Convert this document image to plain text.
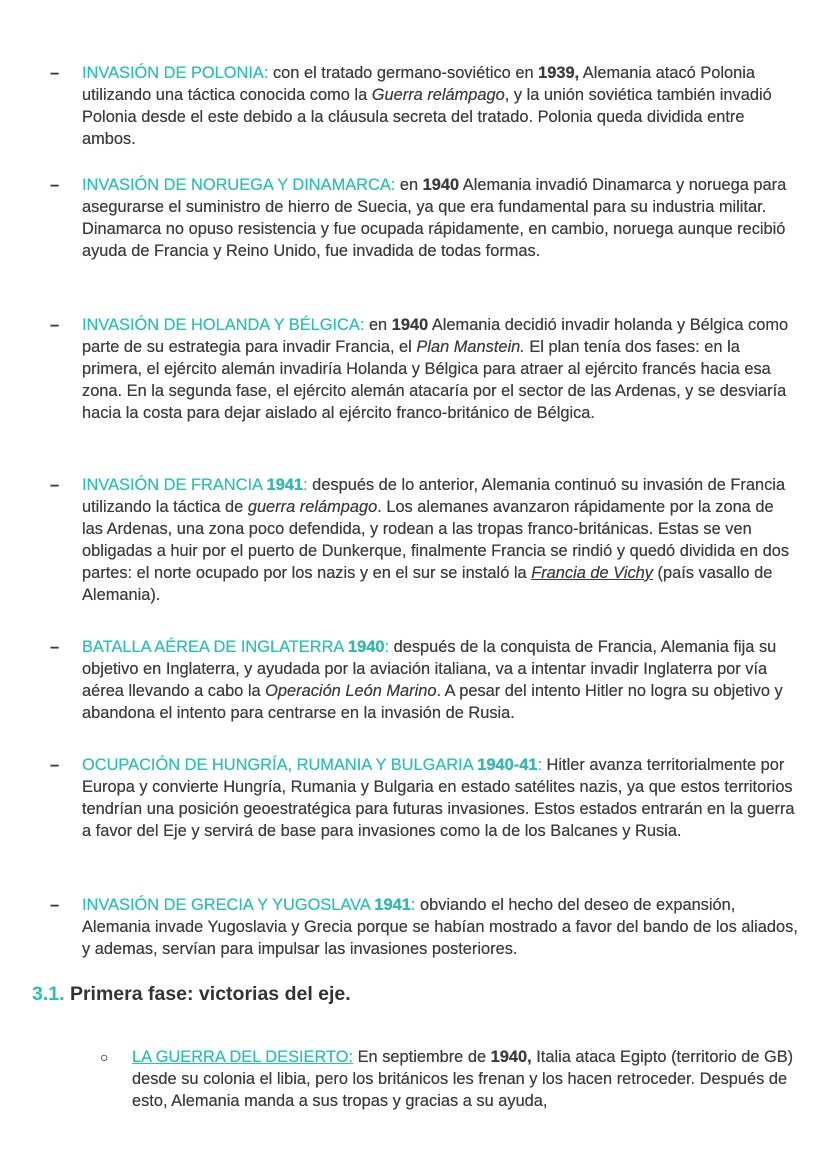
– INVASIÓN DE POLONIA: con el tratado germano-soviético en 1939, Alemania atacó Polonia utilizando una táctica conocida como la Guerra relámpago, y la unión soviética también invadió Polonia desde el este debido a la cláusula secreta del tratado. Polonia queda dividida entre ambos.
– INVASIÓN DE NORUEGA Y DINAMARCA: en 1940 Alemania invadió Dinamarca y noruega para asegurarse el suministro de hierro de Suecia, ya que era fundamental para su industria militar. Dinamarca no opuso resistencia y fue ocupada rápidamente, en cambio, noruega aunque recibió ayuda de Francia y Reino Unido, fue invadida de todas formas.
– INVASIÓN DE HOLANDA Y BÉLGICA: en 1940 Alemania decidió invadir holanda y Bélgica como parte de su estrategia para invadir Francia, el Plan Manstein. El plan tenía dos fases: en la primera, el ejército alemán invadiría Holanda y Bélgica para atraer al ejército francés hacia esa zona. En la segunda fase, el ejército alemán atacaría por el sector de las Ardenas, y se desviaría hacia la costa para dejar aislado al ejército franco-británico de Bélgica.
– INVASIÓN DE FRANCIA 1941: después de lo anterior, Alemania continuó su invasión de Francia utilizando la táctica de guerra relámpago. Los alemanes avanzaron rápidamente por la zona de las Ardenas, una zona poco defendida, y rodean a las tropas franco-británicas. Estas se ven obligadas a huir por el puerto de Dunkerque, finalmente Francia se rindió y quedó dividida en dos partes: el norte ocupado por los nazis y en el sur se instaló la Francia de Vichy (país vasallo de Alemania).
– BATALLA AÉREA DE INGLATERRA 1940: después de la conquista de Francia, Alemania fija su objetivo en Inglaterra, y ayudada por la aviación italiana, va a intentar invadir Inglaterra por vía aérea llevando a cabo la Operación León Marino. A pesar del intento Hitler no logra su objetivo y abandona el intento para centrarse en la invasión de Rusia.
– OCUPACIÓN DE HUNGRÍA, RUMANIA Y BULGARIA 1940-41: Hitler avanza territorialmente por Europa y convierte Hungría, Rumania y Bulgaria en estado satélites nazis, ya que estos territorios tendrían una posición geoestratégica para futuras invasiones. Estos estados entrarán en la guerra a favor del Eje y servirá de base para invasiones como la de los Balcanes y Rusia.
– INVASIÓN DE GRECIA Y YUGOSLAVA 1941: obviando el hecho del deseo de expansión, Alemania invade Yugoslavia y Grecia porque se habían mostrado a favor del bando de los aliados, y ademas, servían para impulsar las invasiones posteriores.
○ LA GUERRA DEL DESIERTO: En septiembre de 1940, Italia ataca Egipto (territorio de GB) desde su colonia el libia, pero los británicos les frenan y los hacen retroceder. Después de esto, Alemania manda a sus tropas y gracias a su ayuda,
3.1. Primera fase: victorias del eje.
